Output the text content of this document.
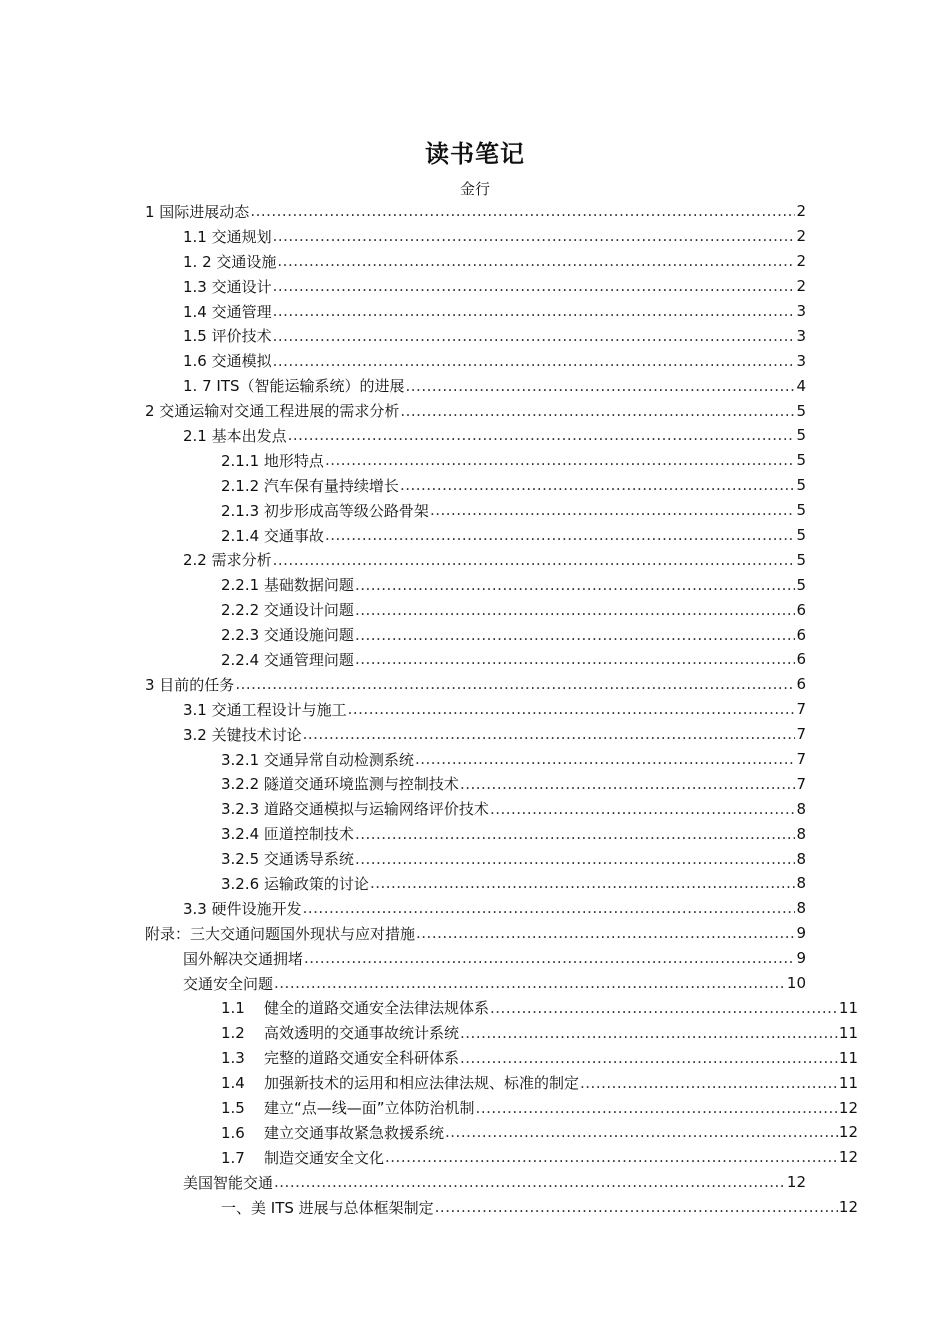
读书笔记
金行
1 国际进展动态 .....	2
1.1 交通规划 .....	2
1. 2 交通设施 .....	2
1.3 交通设计 .....	2
1.4 交通管理 .....	3
1.5 评价技术 .....	3
1.6 交通模拟 .....	3
1. 7 ITS（智能运输系统）的进展 .....	4
2 交通运输对交通工程进展的需求分析 .....	5
2.1 基本出发点 .....	5
2.1.1 地形特点 .....	5
2.1.2 汽车保有量持续增长 .....	5
2.1.3 初步形成高等级公路骨架 .....	5
2.1.4 交通事故 .....	5
2.2 需求分析 .....	5
2.2.1 基础数据问题 .....	5
2.2.2 交通设计问题 .....	6
2.2.3 交通设施问题 .....	6
2.2.4 交通管理问题 .....	6
3 目前的任务 .....	6
3.1 交通工程设计与施工 .....	7
3.2 关键技术讨论 .....	7
3.2.1 交通异常自动检测系统 .....	7
3.2.2 隧道交通环境监测与控制技术 .....	7
3.2.3 道路交通模拟与运输网络评价技术 .....	8
3.2.4 匝道控制技术 .....	8
3.2.5 交通诱导系统 .....	8
3.2.6 运输政策的讨论 .....	8
3.3 硬件设施开发 .....	8
附录：三大交通问题国外现状与应对措施 .....	9
国外解决交通拥堵 .....	9
交通安全问题 .....	10
1.1 健全的道路交通安全法律法规体系 .....	11
1.2 高效透明的交通事故统计系统 .....	11
1.3 完整的道路交通安全科研体系 .....	11
1.4 加强新技术的运用和相应法律法规、标准的制定 .....	11
1.5 建立“点—线—面”立体防治机制 .....	12
1.6 建立交通事故紧急救援系统 .....	12
1.7 制造交通安全文化 .....	12
美国智能交通 .....	12
一、美 ITS 进展与总体框架制定 .....	12
